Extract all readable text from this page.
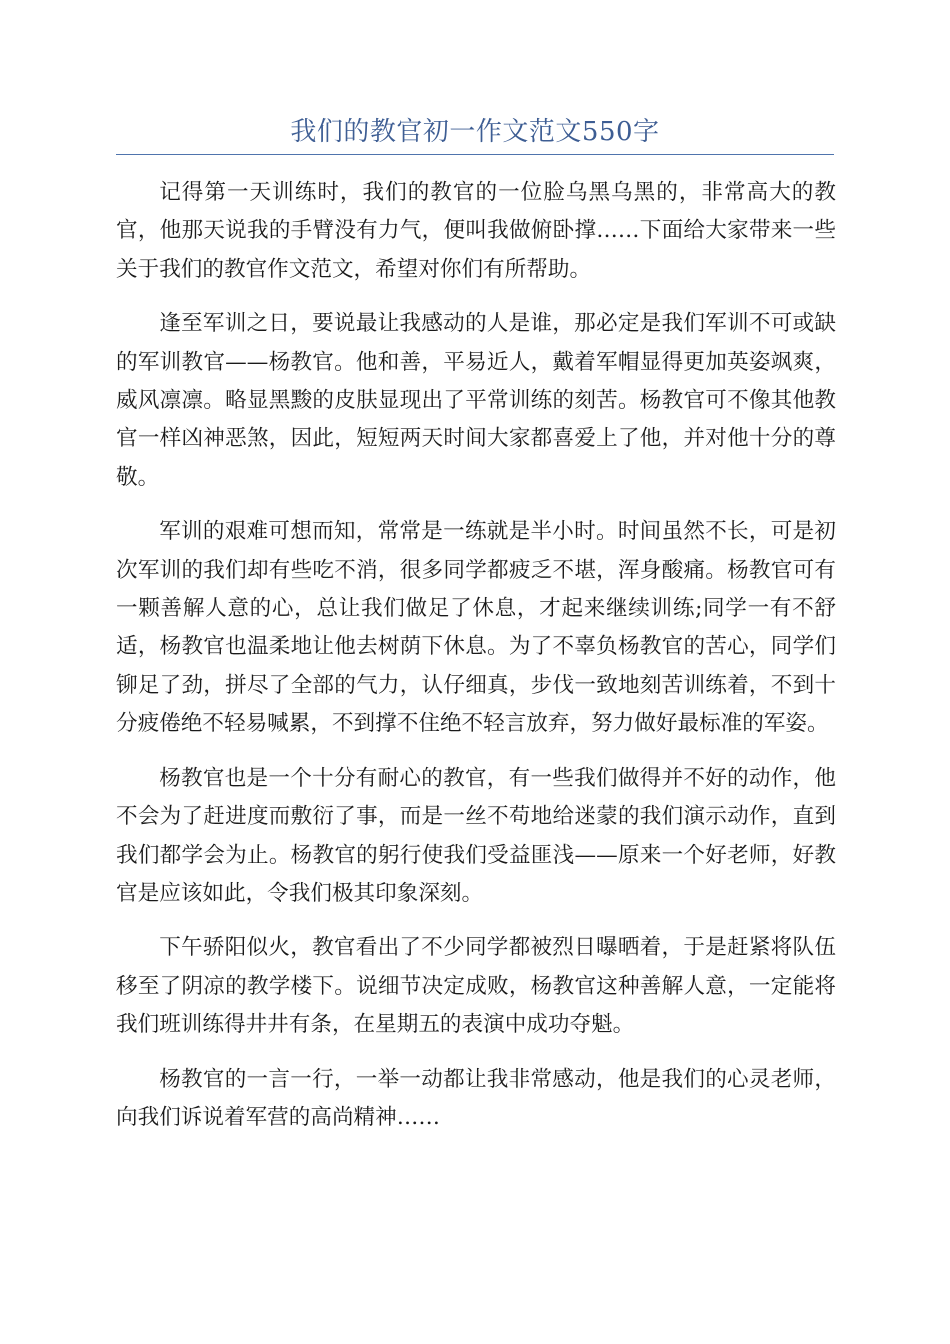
我们的教官初一作文范文550字

记得第一天训练时，我们的教官的一位脸乌黑乌黑的，非常高大的教官，他那天说我的手臂没有力气，便叫我做俯卧撑……下面给大家带来一些关于我们的教官作文范文，希望对你们有所帮助。

逢至军训之日，要说最让我感动的人是谁，那必定是我们军训不可或缺的军训教官——杨教官。他和善，平易近人，戴着军帽显得更加英姿飒爽，威风凛凛。略显黑黢的皮肤显现出了平常训练的刻苦。杨教官可不像其他教官一样凶神恶煞，因此，短短两天时间大家都喜爱上了他，并对他十分的尊敬。

军训的艰难可想而知，常常是一练就是半小时。时间虽然不长，可是初次军训的我们却有些吃不消，很多同学都疲乏不堪，浑身酸痛。杨教官可有一颗善解人意的心，总让我们做足了休息，才起来继续训练;同学一有不舒适，杨教官也温柔地让他去树荫下休息。为了不辜负杨教官的苦心，同学们铆足了劲，拼尽了全部的气力，认仔细真，步伐一致地刻苦训练着，不到十分疲倦绝不轻易喊累，不到撑不住绝不轻言放弃，努力做好最标准的军姿。

杨教官也是一个十分有耐心的教官，有一些我们做得并不好的动作，他不会为了赶进度而敷衍了事，而是一丝不苟地给迷蒙的我们演示动作，直到我们都学会为止。杨教官的躬行使我们受益匪浅——原来一个好老师，好教官是应该如此，令我们极其印象深刻。

下午骄阳似火，教官看出了不少同学都被烈日曝晒着，于是赶紧将队伍移至了阴凉的教学楼下。说细节决定成败，杨教官这种善解人意，一定能将我们班训练得井井有条，在星期五的表演中成功夺魁。

杨教官的一言一行，一举一动都让我非常感动，他是我们的心灵老师，向我们诉说着军营的高尚精神……
